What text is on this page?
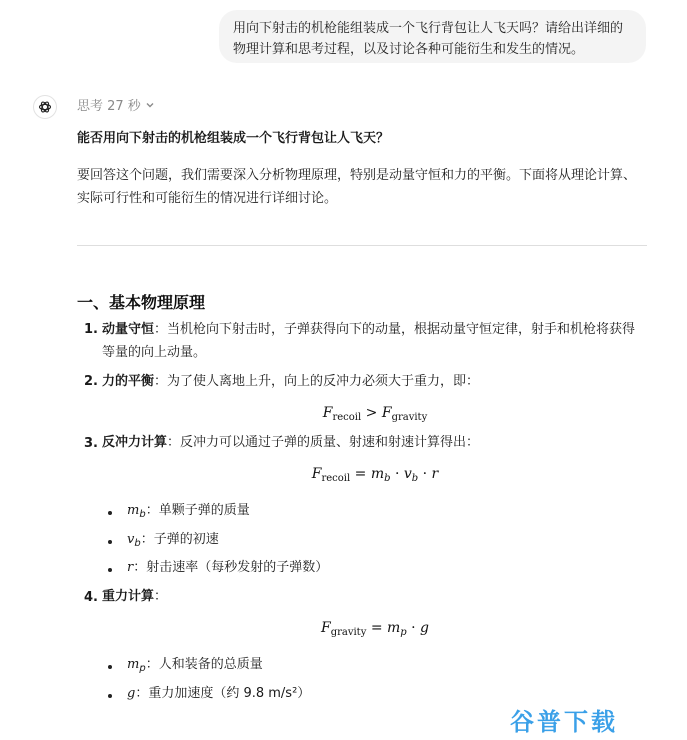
用向下射击的机枪能组装成一个飞行背包让人飞天吗？请给出详细的物理计算和思考过程，以及讨论各种可能衍生和发生的情况。
思考 27 秒
能否用向下射击的机枪组装成一个飞行背包让人飞天？
要回答这个问题，我们需要深入分析物理原理，特别是动量守恒和力的平衡。下面将从理论计算、实际可行性和可能衍生的情况进行详细讨论。
一、基本物理原理
1. 动量守恒：当机枪向下射击时，子弹获得向下的动量，根据动量守恒定律，射手和机枪将获得等量的向上动量。
2. 力的平衡：为了使人离地上升，向上的反冲力必须大于重力，即：
$F_{recoil} > F_{gravity}$
3. 反冲力计算：反冲力可以通过子弹的质量、射速和射速计算得出：
$F_{recoil} = m_b \cdot v_b \cdot r$
$m_b$：单颗子弹的质量
$v_b$：子弹的初速
r：射击速率（每秒发射的子弹数）
4. 重力计算：
$F_{gravity} = m_p \cdot g$
$m_p$：人和装备的总质量
g：重力加速度（约 9.8 m/s²）
谷普下载
